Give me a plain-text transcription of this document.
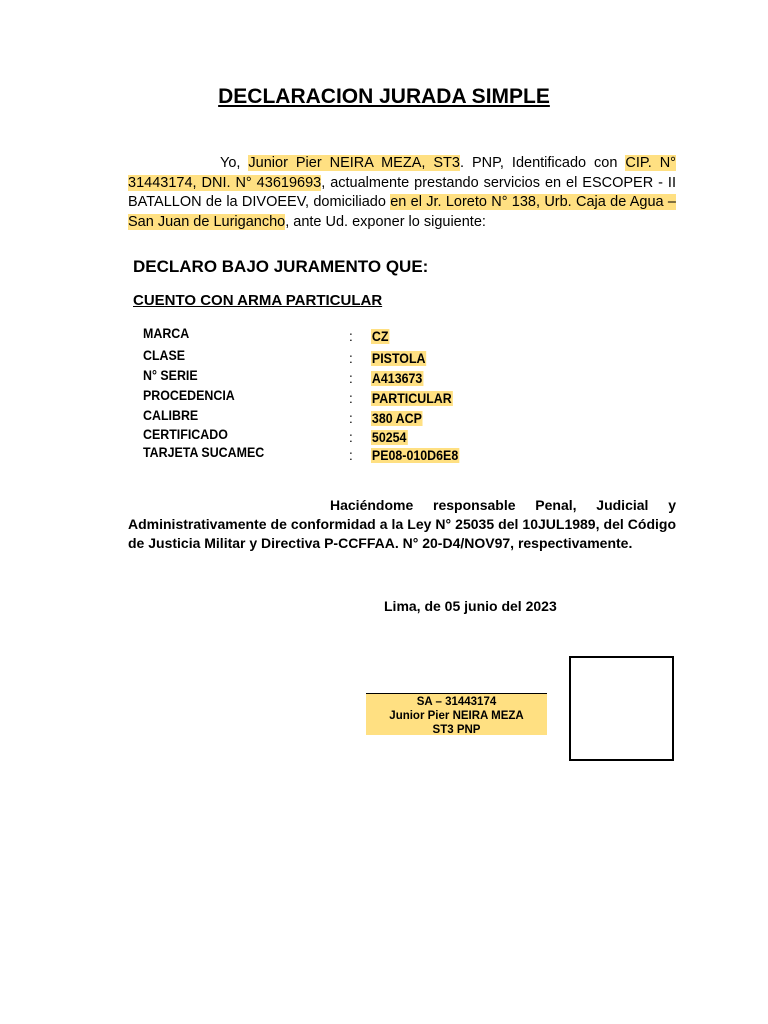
DECLARACION JURADA SIMPLE

Yo, Junior Pier NEIRA MEZA, ST3. PNP, Identificado con CIP. N° 31443174, DNI. N° 43619693, actualmente prestando servicios en el ESCOPER - II BATALLON de la DIVOEEV, domiciliado en el Jr. Loreto N° 138, Urb. Caja de Agua – San Juan de Lurigancho, ante Ud. exponer lo siguiente:

DECLARO BAJO JURAMENTO QUE:

CUENTO CON ARMA PARTICULAR

MARCA	: CZ
CLASE	: PISTOLA
N° SERIE	: A413673
PROCEDENCIA	: PARTICULAR
CALIBRE	: 380 ACP
CERTIFICADO	: 50254
TARJETA SUCAMEC	: PE08-010D6E8

Haciéndome responsable Penal, Judicial y Administrativamente de conformidad a la Ley N° 25035 del 10JUL1989, del Código de Justicia Militar y Directiva P-CCFFAA. N° 20-D4/NOV97, respectivamente.

Lima, de 05 junio del 2023

SA – 31443174
Junior Pier NEIRA MEZA
ST3 PNP
